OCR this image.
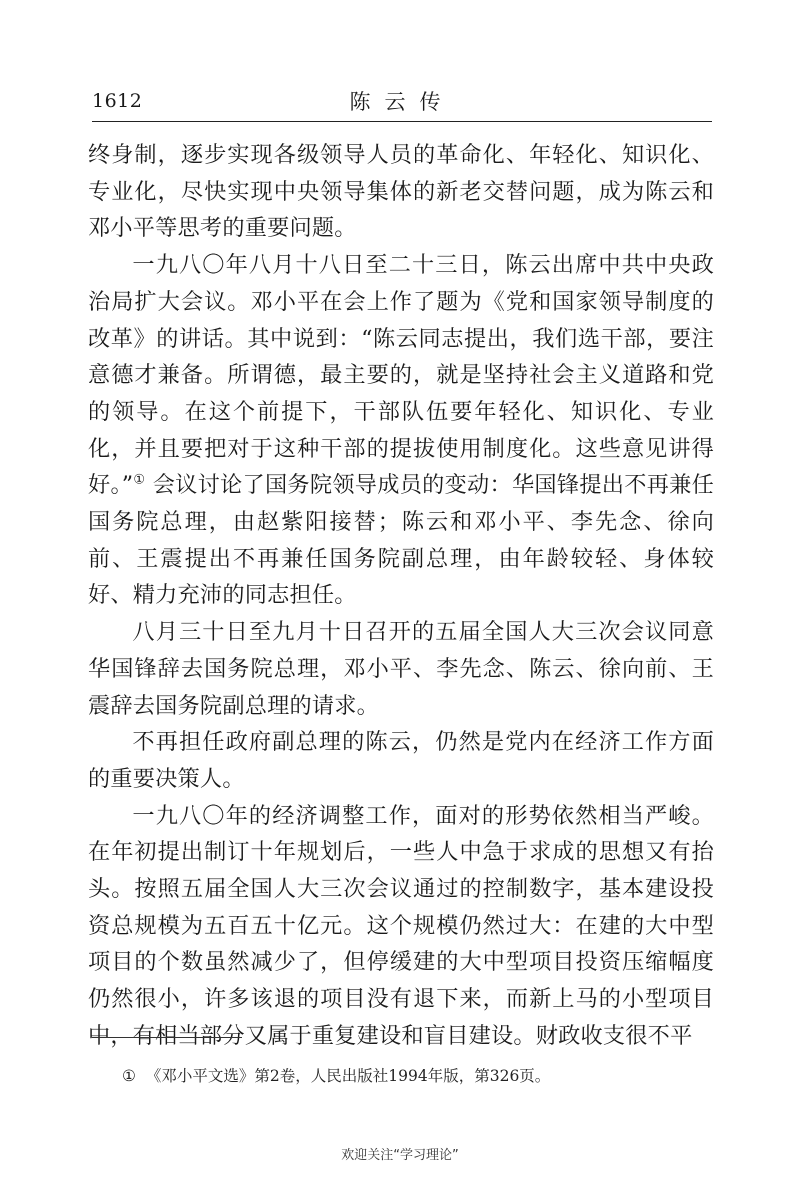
1612	陈云传

终身制，逐步实现各级领导人员的革命化、年轻化、知识化、专业化，尽快实现中央领导集体的新老交替问题，成为陈云和邓小平等思考的重要问题。

一九八〇年八月十八日至二十三日，陈云出席中共中央政治局扩大会议。邓小平在会上作了题为《党和国家领导制度的改革》的讲话。其中说到：“陈云同志提出，我们选干部，要注意德才兼备。所谓德，最主要的，就是坚持社会主义道路和党的领导。在这个前提下，干部队伍要年轻化、知识化、专业化，并且要把对于这种干部的提拔使用制度化。这些意见讲得好。”① 会议讨论了国务院领导成员的变动：华国锋提出不再兼任国务院总理，由赵紫阳接替；陈云和邓小平、李先念、徐向前、王震提出不再兼任国务院副总理，由年龄较轻、身体较好、精力充沛的同志担任。

八月三十日至九月十日召开的五届全国人大三次会议同意华国锋辞去国务院总理，邓小平、李先念、陈云、徐向前、王震辞去国务院副总理的请求。

不再担任政府副总理的陈云，仍然是党内在经济工作方面的重要决策人。

一九八〇年的经济调整工作，面对的形势依然相当严峻。在年初提出制订十年规划后，一些人中急于求成的思想又有抬头。按照五届全国人大三次会议通过的控制数字，基本建设投资总规模为五百五十亿元。这个规模仍然过大：在建的大中型项目的个数虽然减少了，但停缓建的大中型项目投资压缩幅度仍然很小，许多该退的项目没有退下来，而新上马的小型项目中，有相当部分又属于重复建设和盲目建设。财政收支很不平

① 《邓小平文选》第2卷，人民出版社1994年版，第326页。
欢迎关注“学习理论”
